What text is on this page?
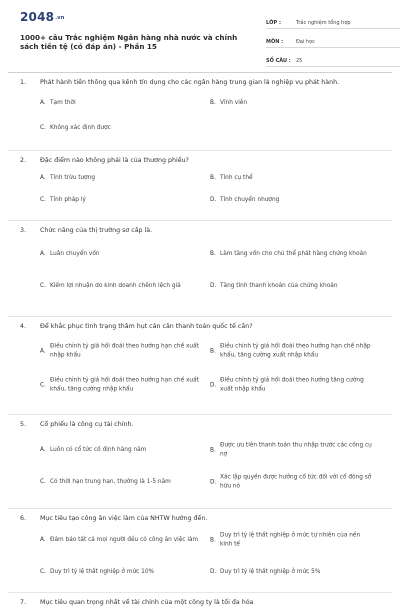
2048.vn
1000+ câu Trắc nghiệm Ngân hàng nhà nước và chính sách tiền tệ (có đáp án) - Phần 15
LỚP :	Trắc nghiệm tổng hợp
MÔN :	Đại học
SỐ CÂU :	25
1.	Phát hành tiền thông qua kênh tín dụng cho các ngân hàng trung gian là nghiệp vụ phát hành.
A. Tạm thời	B. Vĩnh viễn
C. Không xác định được
2.	Đặc điểm nào không phải là của thương phiếu?
A. Tính trừu tượng	B. Tính cụ thể
C. Tính pháp lý	D. Tính chuyển nhượng
3.	Chức năng của thị trường sơ cấp là.
A. Luân chuyển vốn	B. Làm tăng vốn cho chủ thể phát hàng chứng khoán
C. Kiếm lợi nhuận do kinh doanh chênh lệch giá	D. Tăng tính thanh khoản của chứng khoán
4.	Để khắc phục tình trạng thâm hụt cán cân thanh toán quốc tế cần?
A.
Điều chỉnh tỷ giá hối đoái theo hướng hạn chế xuất nhập khẩu
B.
Điều chỉnh tỷ giá hối đoái theo hướng hạn chế nhập khẩu, tăng cường xuất nhập khẩu
C.
Điều chỉnh tỷ giá hối đoái theo hướng hạn chế xuất khẩu, tăng cường nhập khẩu
D.
Điều chỉnh tỷ giá hối đoái theo hướng tăng cường xuất nhập khẩu
5.	Cổ phiếu là công cụ tài chính.
A. Luôn có cổ tức cố định hàng năm	B.
Được ưu tiên thanh toán thu nhập trước các công cụ nợ
C. Có thời hạn trung hạn, thường là 1-5 năm	D.
Xác lập quyền được hưởng cổ tức đối với cổ đông sở hữu nó
6.	Mục tiêu tạo công ăn việc làm của NHTW hướng đến.
A. Đảm bảo tất cả mọi người đều có công ăn việc làm	B.
Duy trì tỷ lệ thất nghiệp ở mức tự nhiên của nền kinh tế
C. Duy trì tỷ lệ thất nghiệp ở mức 10%	D. Duy trì tỷ lệ thất nghiệp ở mức 5%
7.	Mục tiêu quan trọng nhất về tài chính của một công ty là tối đa hóa
